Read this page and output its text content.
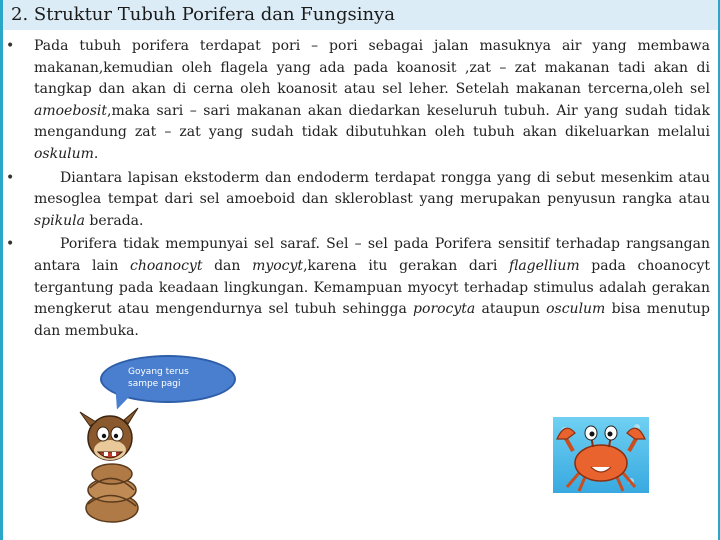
2. Struktur Tubuh Porifera dan Fungsinya
• Pada tubuh porifera terdapat pori – pori sebagai jalan masuknya air yang membawa makanan,kemudian oleh flagela yang ada pada koanosit ,zat – zat makanan tadi akan di tangkap dan akan di cerna oleh koanosit atau sel leher. Setelah makanan tercerna,oleh sel amoebosit,maka sari – sari makanan akan diedarkan keseluruh tubuh. Air yang sudah tidak mengandung zat – zat yang sudah tidak dibutuhkan oleh tubuh akan dikeluarkan melalui oskulum.
•	Diantara lapisan ekstoderm dan endoderm terdapat rongga yang di sebut mesenkim atau mesoglea tempat dari sel amoeboid dan skleroblast yang merupakan penyusun rangka atau spikula berada.
•	Porifera tidak mempunyai sel saraf. Sel – sel pada Porifera sensitif terhadap rangsangan antara lain choanocyt dan myocyt,karena itu gerakan dari flagellium pada choanocyt tergantung pada keadaan lingkungan. Kemampuan myocyt terhadap stimulus adalah gerakan mengkerut atau mengendurnya sel tubuh sehingga porocyta ataupun osculum bisa menutup dan membuka.
Goyang terus sampe pagi
